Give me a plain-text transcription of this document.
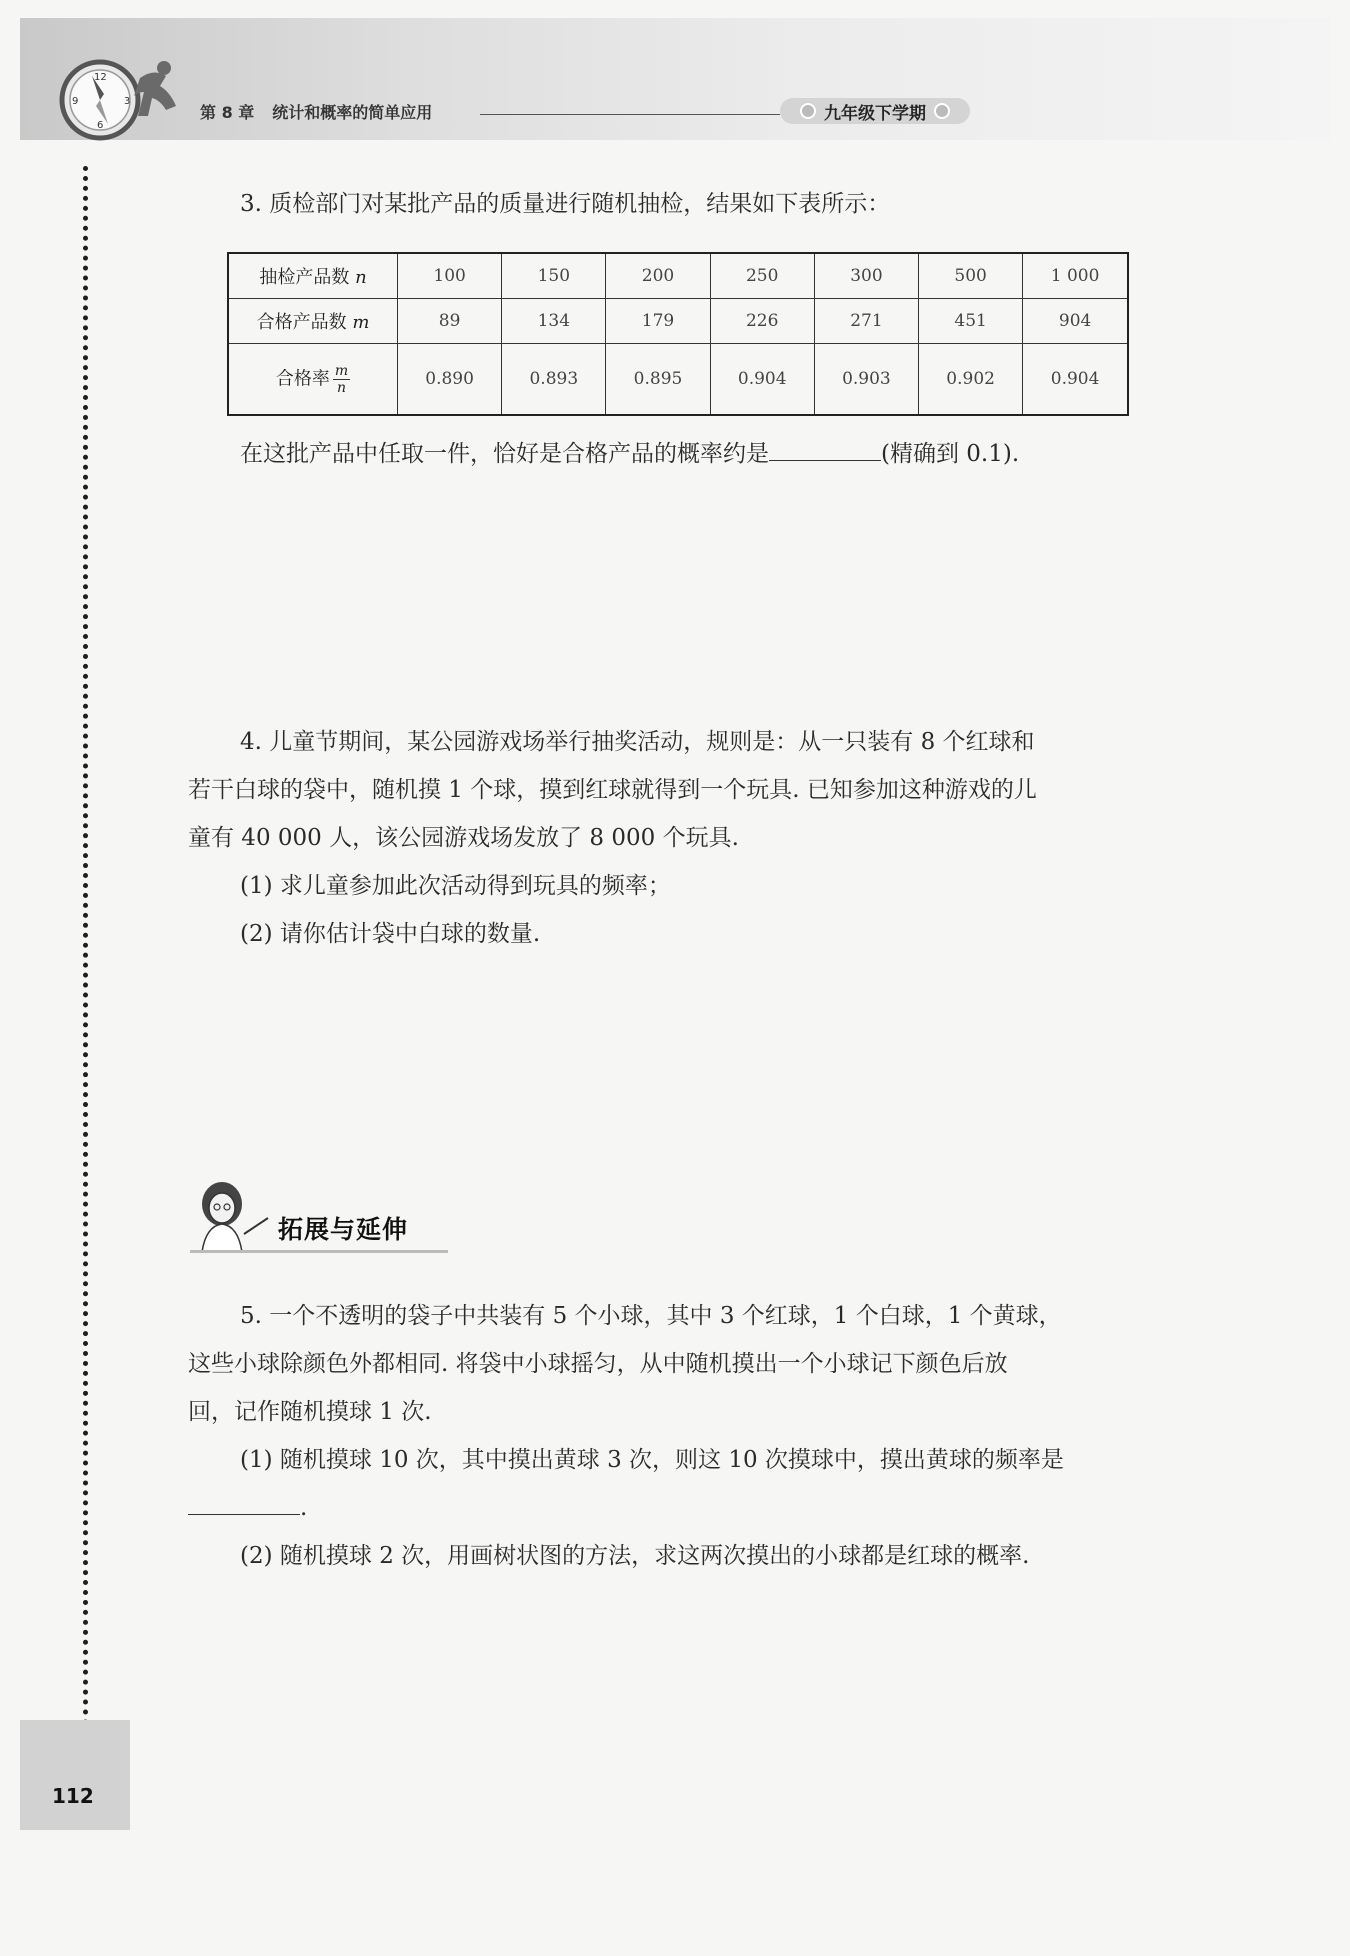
12
3
6
9
第 8 章 统计和概率的简单应用	九年级下学期
3. 质检部门对某批产品的质量进行随机抽检，结果如下表所示：
抽检产品数 n	100	150	200	250	300	500	1 000
合格产品数 m	89	134	179	226	271	451	904
合格率 $\frac{m}{n}$	0.890	0.893	0.895	0.904	0.903	0.902	0.904
在这批产品中任取一件，恰好是合格产品的概率约是	(精确到 0.1).
4. 儿童节期间，某公园游戏场举行抽奖活动，规则是：从一只装有 8 个红球和
若干白球的袋中，随机摸 1 个球，摸到红球就得到一个玩具. 已知参加这种游戏的儿
童有 40 000 人，该公园游戏场发放了 8 000 个玩具.
(1) 求儿童参加此次活动得到玩具的频率；
(2) 请你估计袋中白球的数量.
拓展与延伸
5. 一个不透明的袋子中共装有 5 个小球，其中 3 个红球，1 个白球，1 个黄球，
这些小球除颜色外都相同. 将袋中小球摇匀，从中随机摸出一个小球记下颜色后放
回，记作随机摸球 1 次.
(1) 随机摸球 10 次，其中摸出黄球 3 次，则这 10 次摸球中，摸出黄球的频率是
.
(2) 随机摸球 2 次，用画树状图的方法，求这两次摸出的小球都是红球的概率.
112
